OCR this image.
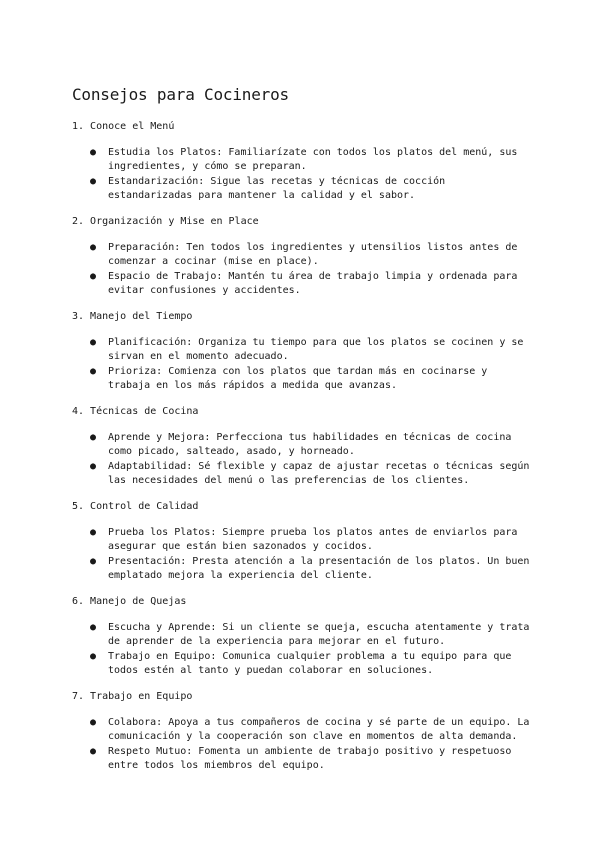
Consejos para Cocineros
1. Conoce el Menú
●	Estudia los Platos: Familiarízate con todos los platos del menú, sus ingredientes, y cómo se preparan.
●	Estandarización: Sigue las recetas y técnicas de cocción estandarizadas para mantener la calidad y el sabor.
2. Organización y Mise en Place
●	Preparación: Ten todos los ingredientes y utensilios listos antes de comenzar a cocinar (mise en place).
●	Espacio de Trabajo: Mantén tu área de trabajo limpia y ordenada para evitar confusiones y accidentes.
3. Manejo del Tiempo
●	Planificación: Organiza tu tiempo para que los platos se cocinen y se sirvan en el momento adecuado.
●	Prioriza: Comienza con los platos que tardan más en cocinarse y trabaja en los más rápidos a medida que avanzas.
4. Técnicas de Cocina
●	Aprende y Mejora: Perfecciona tus habilidades en técnicas de cocina como picado, salteado, asado, y horneado.
●	Adaptabilidad: Sé flexible y capaz de ajustar recetas o técnicas según las necesidades del menú o las preferencias de los clientes.
5. Control de Calidad
●	Prueba los Platos: Siempre prueba los platos antes de enviarlos para asegurar que están bien sazonados y cocidos.
●	Presentación: Presta atención a la presentación de los platos. Un buen emplatado mejora la experiencia del cliente.
6. Manejo de Quejas
●	Escucha y Aprende: Si un cliente se queja, escucha atentamente y trata de aprender de la experiencia para mejorar en el futuro.
●	Trabajo en Equipo: Comunica cualquier problema a tu equipo para que todos estén al tanto y puedan colaborar en soluciones.
7. Trabajo en Equipo
●	Colabora: Apoya a tus compañeros de cocina y sé parte de un equipo. La comunicación y la cooperación son clave en momentos de alta demanda.
●	Respeto Mutuo: Fomenta un ambiente de trabajo positivo y respetuoso entre todos los miembros del equipo.
